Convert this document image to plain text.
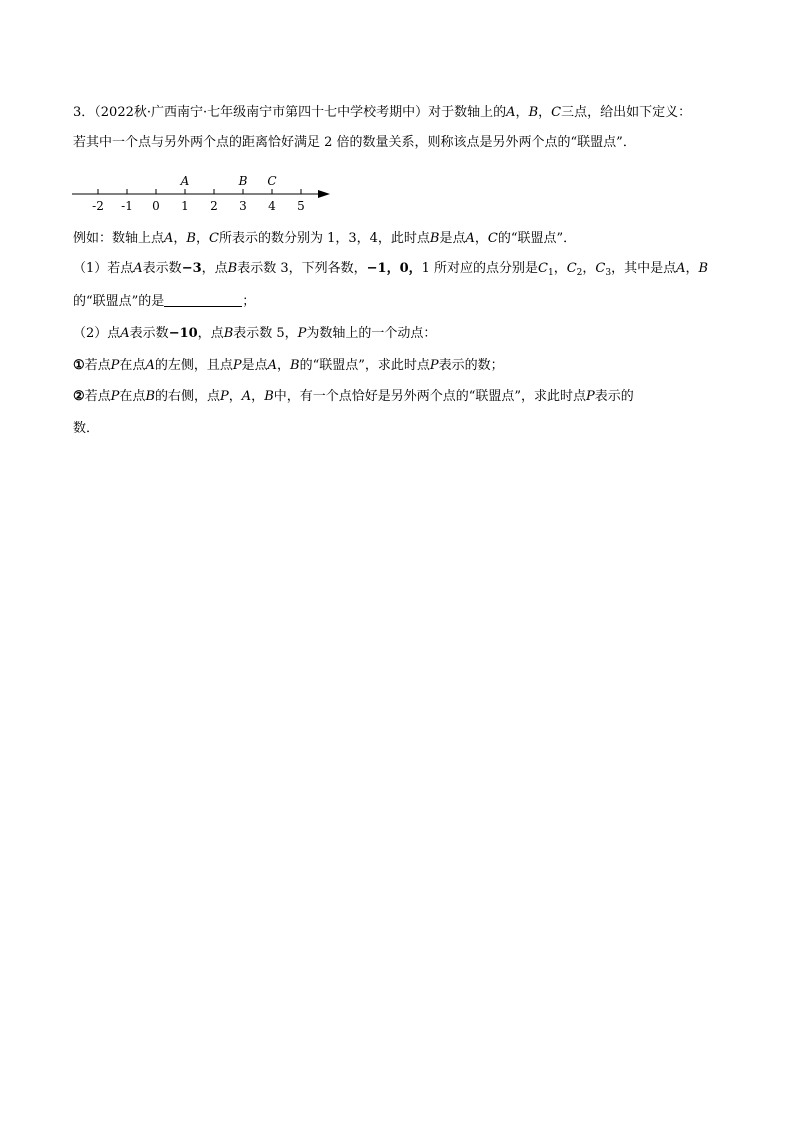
3．（2022秋·广西南宁·七年级南宁市第四十七中学校考期中）对于数轴上的A，B，C三点，给出如下定义：
若其中一个点与另外两个点的距离恰好满足 2 倍的数量关系，则称该点是另外两个点的“联盟点”．
-2 -1 0 1 2 3 4 5
A	B C
例如：数轴上点A，B，C所表示的数分别为 1，3，4，此时点B是点A，C的“联盟点”．
（1）若点A表示数−3，点B表示数 3，下列各数，−1，0，1 所对应的点分别是$C_1$，$C_2$，$C_3$，其中是点A，B
的“联盟点”的是	；
（2）点A表示数−10，点B表示数 5，P为数轴上的一个动点：
①若点P在点A的左侧，且点P是点A，B的“联盟点”，求此时点P表示的数；
②若点P在点B的右侧，点P，A，B中，有一个点恰好是另外两个点的“联盟点”，求此时点P表示的
数．
